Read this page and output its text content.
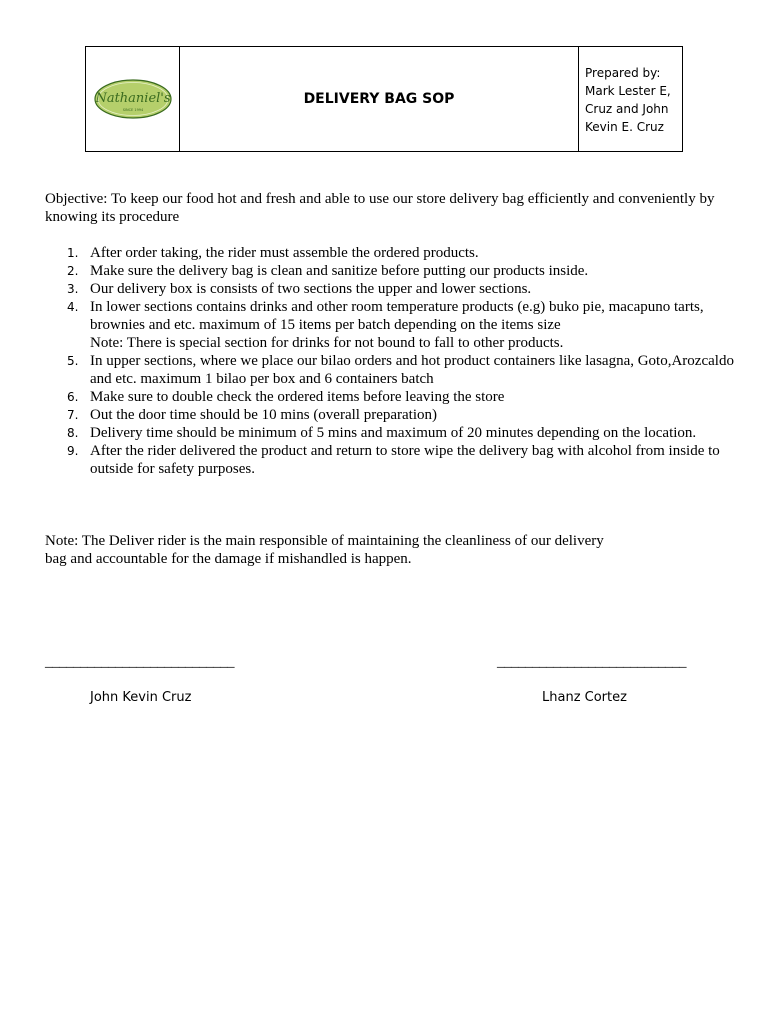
Nathaniel's
SINCE 1994
	DELIVERY BAG SOP	
Prepared by:
Mark Lester E,
Cruz and John
Kevin E. Cruz
Objective: To keep our food hot and fresh and able to use our store delivery bag efficiently and conveniently by knowing its procedure
1. After order taking, the rider must assemble the ordered products.
2. Make sure the delivery bag is clean and sanitize before putting our products inside.
3. Our delivery box is consists of two sections the upper and lower sections.
4. In lower sections contains drinks and other room temperature products (e.g) buko pie, macapuno tarts, brownies and etc. maximum of 15 items per batch depending on the items size
Note: There is special section for drinks for not bound to fall to other products.
5. In upper sections, where we place our bilao orders and hot product containers like lasagna, Goto,Arozcaldo and etc. maximum 1 bilao per box and 6 containers batch
6. Make sure to double check the ordered items before leaving the store
7. Out the door time should be 10 mins (overall preparation)
8. Delivery time should be minimum of 5 mins and maximum of 20 minutes depending on the location.
9. After the rider delivered the product and return to store wipe the delivery bag with alcohol from inside to outside for safety purposes.
Note: The Deliver rider is the main responsible of maintaining the cleanliness of our delivery bag and accountable for the damage if mishandled is happen.
___________________________	___________________________
John Kevin Cruz	Lhanz Cortez
